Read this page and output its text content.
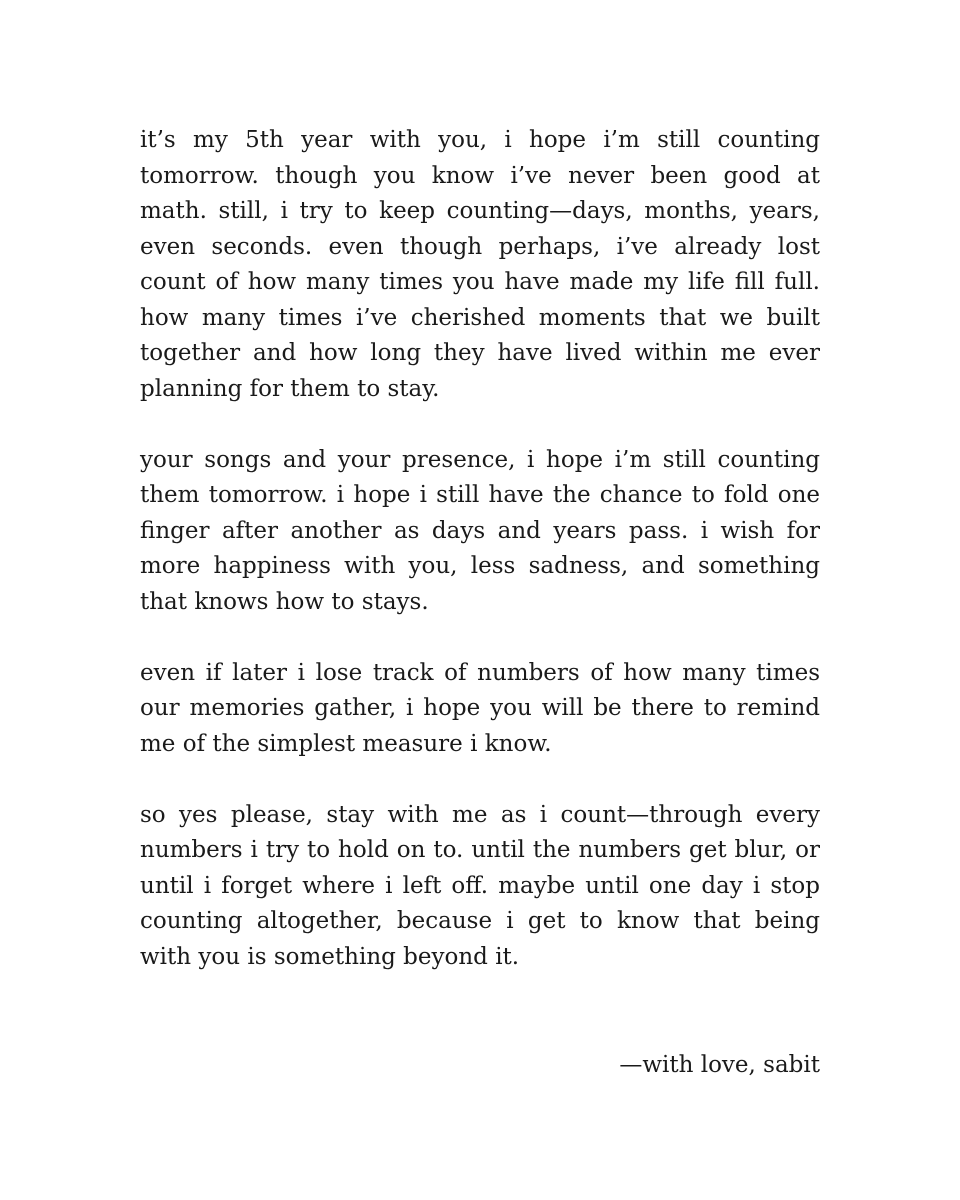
it’s my 5th year with you, i hope i’m still counting tomorrow. though you know i’ve never been good at math. still, i try to keep counting—days, months, years, even seconds. even though perhaps, i’ve already lost count of how many times you have made my life fill full. how many times i’ve cherished moments that we built together and how long they have lived within me ever planning for them to stay.

your songs and your presence, i hope i’m still counting them tomorrow. i hope i still have the chance to fold one finger after another as days and years pass. i wish for more happiness with you, less sadness, and something that knows how to stays.

even if later i lose track of numbers of how many times our memories gather, i hope you will be there to remind me of the simplest measure i know.

so yes please, stay with me as i count—through every numbers i try to hold on to. until the numbers get blur, or until i forget where i left off. maybe until one day i stop counting altogether, because i get to know that being with you is something beyond it.

—with love, sabit
